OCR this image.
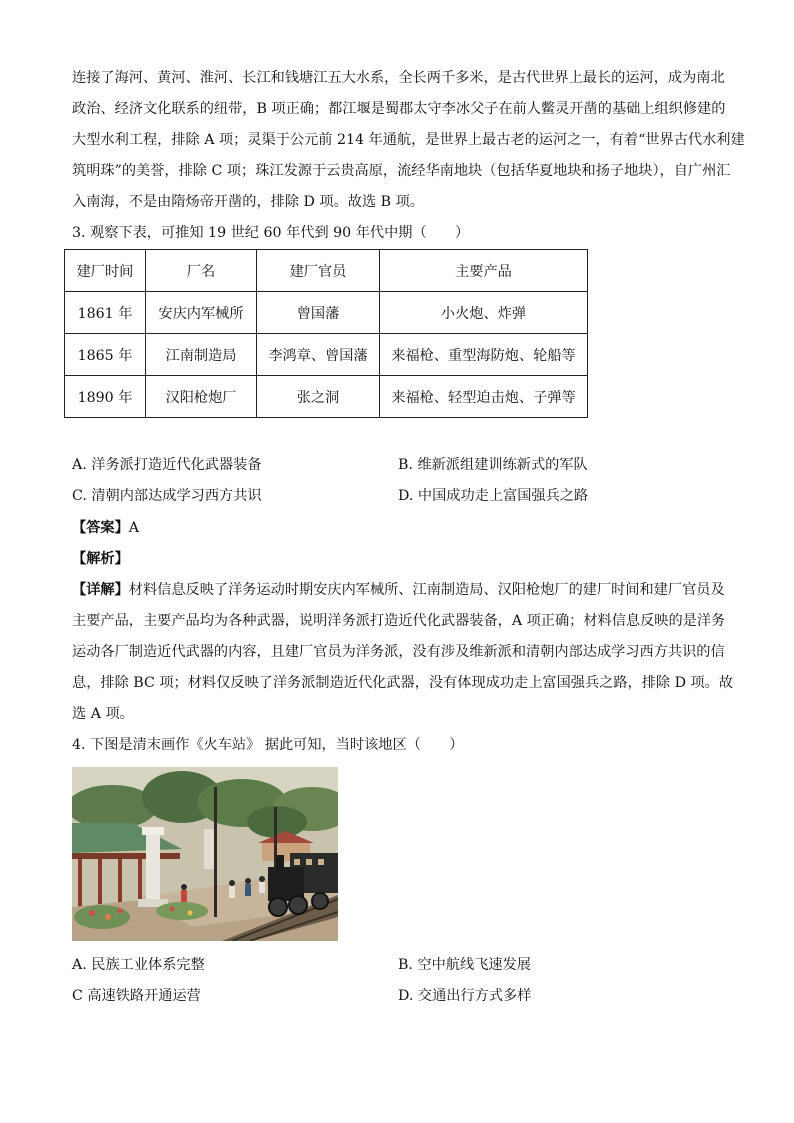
连接了海河、黄河、淮河、长江和钱塘江五大水系，全长两千多米，是古代世界上最长的运河，成为南北
政治、经济文化联系的纽带，B 项正确；都江堰是蜀郡太守李冰父子在前人鳖灵开凿的基础上组织修建的
大型水利工程，排除 A 项；灵渠于公元前 214 年通航，是世界上最古老的运河之一，有着“世界古代水利建
筑明珠”的美誉，排除 C 项；珠江发源于云贵高原，流经华南地块（包括华夏地块和扬子地块），自广州汇
入南海，不是由隋炀帝开凿的，排除 D 项。故选 B 项。
3. 观察下表，可推知 19 世纪 60 年代到 90 年代中期（　　）
建厂时间	厂名	建厂官员	主要产品
1861 年	安庆内军械所	曾国藩	小火炮、炸弹
1865 年	江南制造局	李鸿章、曾国藩	来福枪、重型海防炮、轮船等
1890 年	汉阳枪炮厂	张之洞	来福枪、轻型迫击炮、子弹等
A. 洋务派打造近代化武器装备	B. 维新派组建训练新式的军队
C. 清朝内部达成学习西方共识	D. 中国成功走上富国强兵之路
【答案】A
【解析】
【详解】材料信息反映了洋务运动时期安庆内军械所、江南制造局、汉阳枪炮厂的建厂时间和建厂官员及
主要产品，主要产品均为各种武器，说明洋务派打造近代化武器装备，A 项正确；材料信息反映的是洋务
运动各厂制造近代武器的内容，且建厂官员为洋务派，没有涉及维新派和清朝内部达成学习西方共识的信
息，排除 BC 项；材料仅反映了洋务派制造近代化武器，没有体现成功走上富国强兵之路，排除 D 项。故
选 A 项。
4. 下图是清末画作《火车站》 据此可知，当时该地区（　　）
A. 民族工业体系完整	B. 空中航线飞速发展
C 高速铁路开通运营	D. 交通出行方式多样
